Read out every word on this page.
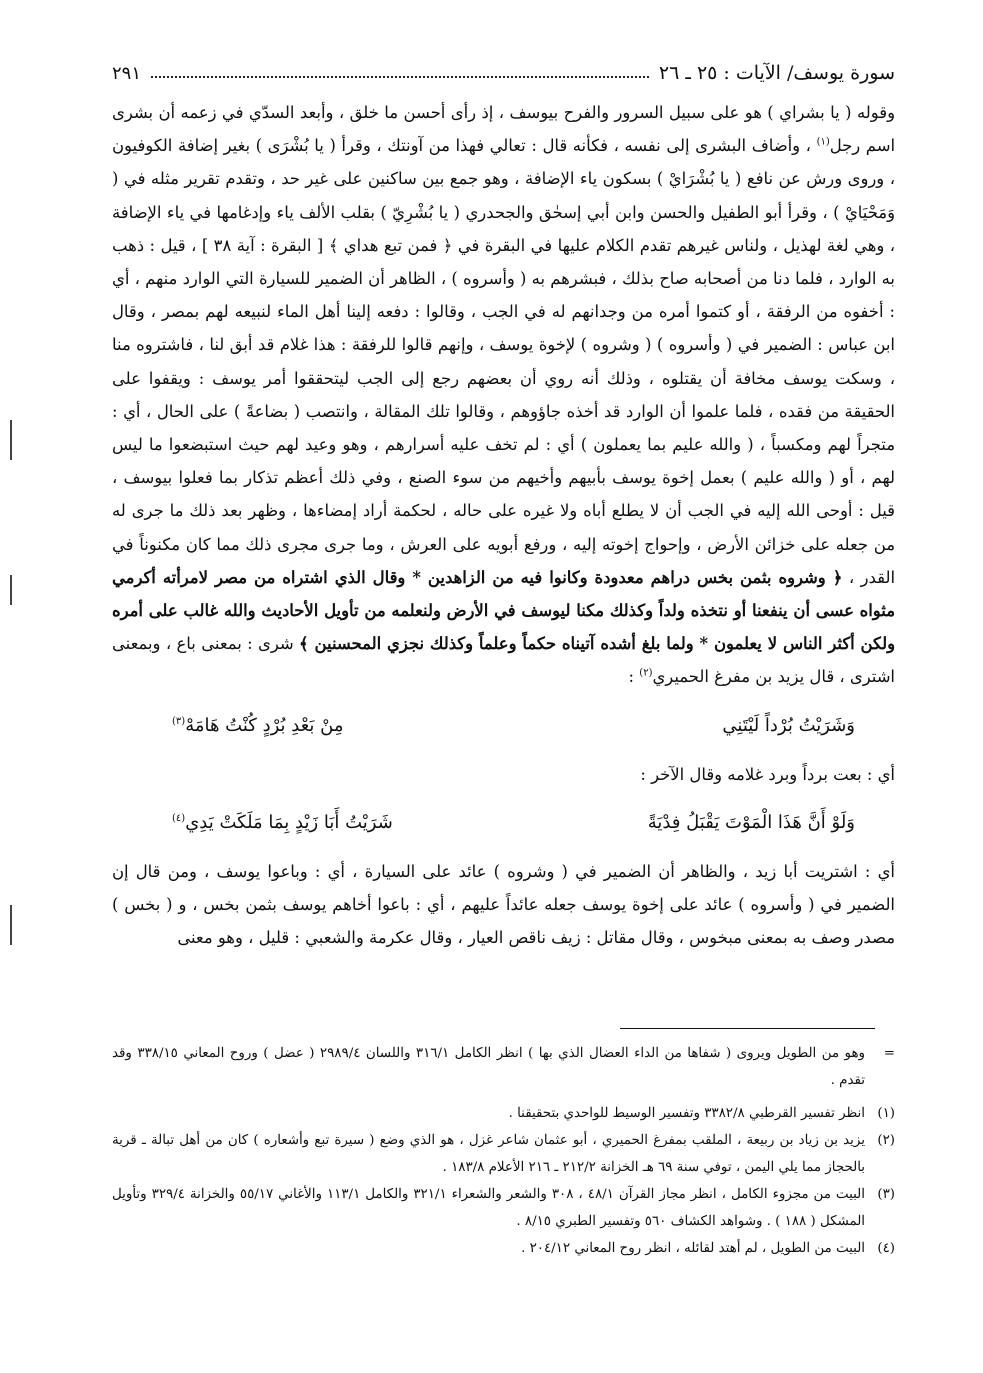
سورة يوسف/ الآيات : ٢٥ ـ ٢٦
٢٩١

وقوله ( يا بشراي ) هو على سبيل السرور والفرح بيوسف ، إذ رأى أحسن ما خلق ، وأبعد السدّي في زعمه أن بشرى اسم رجل$^{(١)}$ ، وأضاف البشرى إلى نفسه ، فكأنه قال : تعالي فهذا من آونتك ، وقرأ ( يا بُشْرَى ) بغير إضافة الكوفيون ، وروى ورش عن نافع ( يا بُشْرَايْ ) بسكون ياء الإضافة ، وهو جمع بين ساكنين على غير حد ، وتقدم تقرير مثله في ( وَمَحْيَايْ ) ، وقرأ أبو الطفيل والحسن وابن أبي إسحٰق والجحدري ( يا بُشْرِيّ ) بقلب الألف ياء وإدغامها في ياء الإضافة ، وهي لغة لهذيل ، ولناس غيرهم تقدم الكلام عليها في البقرة في ﴿ فمن تبع هداي ﴾ [ البقرة : آية ٣٨ ] ، قيل : ذهب به الوارد ، فلما دنا من أصحابه صاح بذلك ، فبشرهم به ( وأسروه ) ، الظاهر أن الضمير للسيارة التي الوارد منهم ، أي : أخفوه من الرفقة ، أو كتموا أمره من وجدانهم له في الجب ، وقالوا : دفعه إلينا أهل الماء لنبيعه لهم بمصر ، وقال ابن عباس : الضمير في ( وأسروه ) ( وشروه ) لإخوة يوسف ، وإنهم قالوا للرفقة : هذا غلام قد أبق لنا ، فاشتروه منا ، وسكت يوسف مخافة أن يقتلوه ، وذلك أنه روي أن بعضهم رجع إلى الجب ليتحققوا أمر يوسف : ويقفوا على الحقيقة من فقده ، فلما علموا أن الوارد قد أخذه جاؤوهم ، وقالوا تلك المقالة ، وانتصب ( بضاعةً ) على الحال ، أي : متجراً لهم ومكسباً ، ( والله عليم بما يعملون ) أي : لم تخف عليه أسرارهم ، وهو وعيد لهم حيث استبضعوا ما ليس لهم ، أو ( والله عليم ) بعمل إخوة يوسف بأبيهم وأخيهم من سوء الصنع ، وفي ذلك أعظم تذكار بما فعلوا بيوسف ، قيل : أوحى الله إليه في الجب أن لا يطلع أباه ولا غيره على حاله ، لحكمة أراد إمضاءها ، وظهر بعد ذلك ما جرى له من جعله على خزائن الأرض ، وإحواج إخوته إليه ، ورفع أبويه على العرش ، وما جرى مجرى ذلك مما كان مكنوناً في القدر ، ﴿ وشروه بثمن بخس دراهم معدودة وكانوا فيه من الزاهدين * وقال الذي اشتراه من مصر لامرأته أكرمي مثواه عسى أن ينفعنا أو نتخذه ولداً وكذلك مكنا ليوسف في الأرض ولنعلمه من تأويل الأحاديث والله غالب على أمره ولكن أكثر الناس لا يعلمون * ولما بلغ أشده آتيناه حكماً وعلماً وكذلك نجزي المحسنين ﴾ شرى : بمعنى باع ، وبمعنى اشترى ، قال يزيد بن مفرغ الحميري$^{(٢)}$ :

وَشَرَيْتُ بُرْداً لَيْتَنِي
مِنْ بَعْدِ بُرْدٍ كُنْتُ هَامَهْ$^{(٣)}$

أي : بعت برداً وبرد غلامه وقال الآخر :

وَلَوْ أَنَّ هَذَا الْمَوْتَ يَقْبَلُ فِدْيَةً
شَرَيْتُ أَبَا زَيْدٍ بِمَا مَلَكَتْ يَدِي$^{(٤)}$

أي : اشتريت أبا زيد ، والظاهر أن الضمير في ( وشروه ) عائد على السيارة ، أي : وباعوا يوسف ، ومن قال إن الضمير في ( وأسروه ) عائد على إخوة يوسف جعله عائداً عليهم ، أي : باعوا أخاهم يوسف بثمن بخس ، و ( بخس ) مصدر وصف به بمعنى مبخوس ، وقال مقاتل : زيف ناقص العيار ، وقال عكرمة والشعبي : قليل ، وهو معنى

=
وهو من الطويل ويروى ( شفاها من الداء العضال الذي بها ) انظر الكامل ٣١٦/١ واللسان ٢٩٨٩/٤ ( عضل ) وروح المعاني ٣٣٨/١٥ وقد تقدم .
(١)
انظر تفسير القرطبي ٣٣٨٢/٨ وتفسير الوسيط للواحدي بتحقيقنا .
(٢)
يزيد بن زياد بن ربيعة ، الملقب بمفرغ الحميري ، أبو عثمان شاعر غزل ، هو الذي وضع ( سيرة تبع وأشعاره ) كان من أهل تبالة ـ قرية بالحجاز مما يلي اليمن ، توفي سنة ٦٩ هـ الخزانة ٢١٢/٢ ـ ٢١٦ الأعلام ١٨٣/٨ .
(٣)
البيت من مجزوء الكامل ، انظر مجاز القرآن ٤٨/١ ، ٣٠٨ والشعر والشعراء ٣٢١/١ والكامل ١١٣/١ والأغاني ٥٥/١٧ والخزانة ٣٢٩/٤ وتأويل المشكل ( ١٨٨ ) . وشواهد الكشاف ٥٦٠ وتفسير الطبري ٨/١٥ .
(٤)
البيت من الطويل ، لم أهتد لقائله ، انظر روح المعاني ٢٠٤/١٢ .
